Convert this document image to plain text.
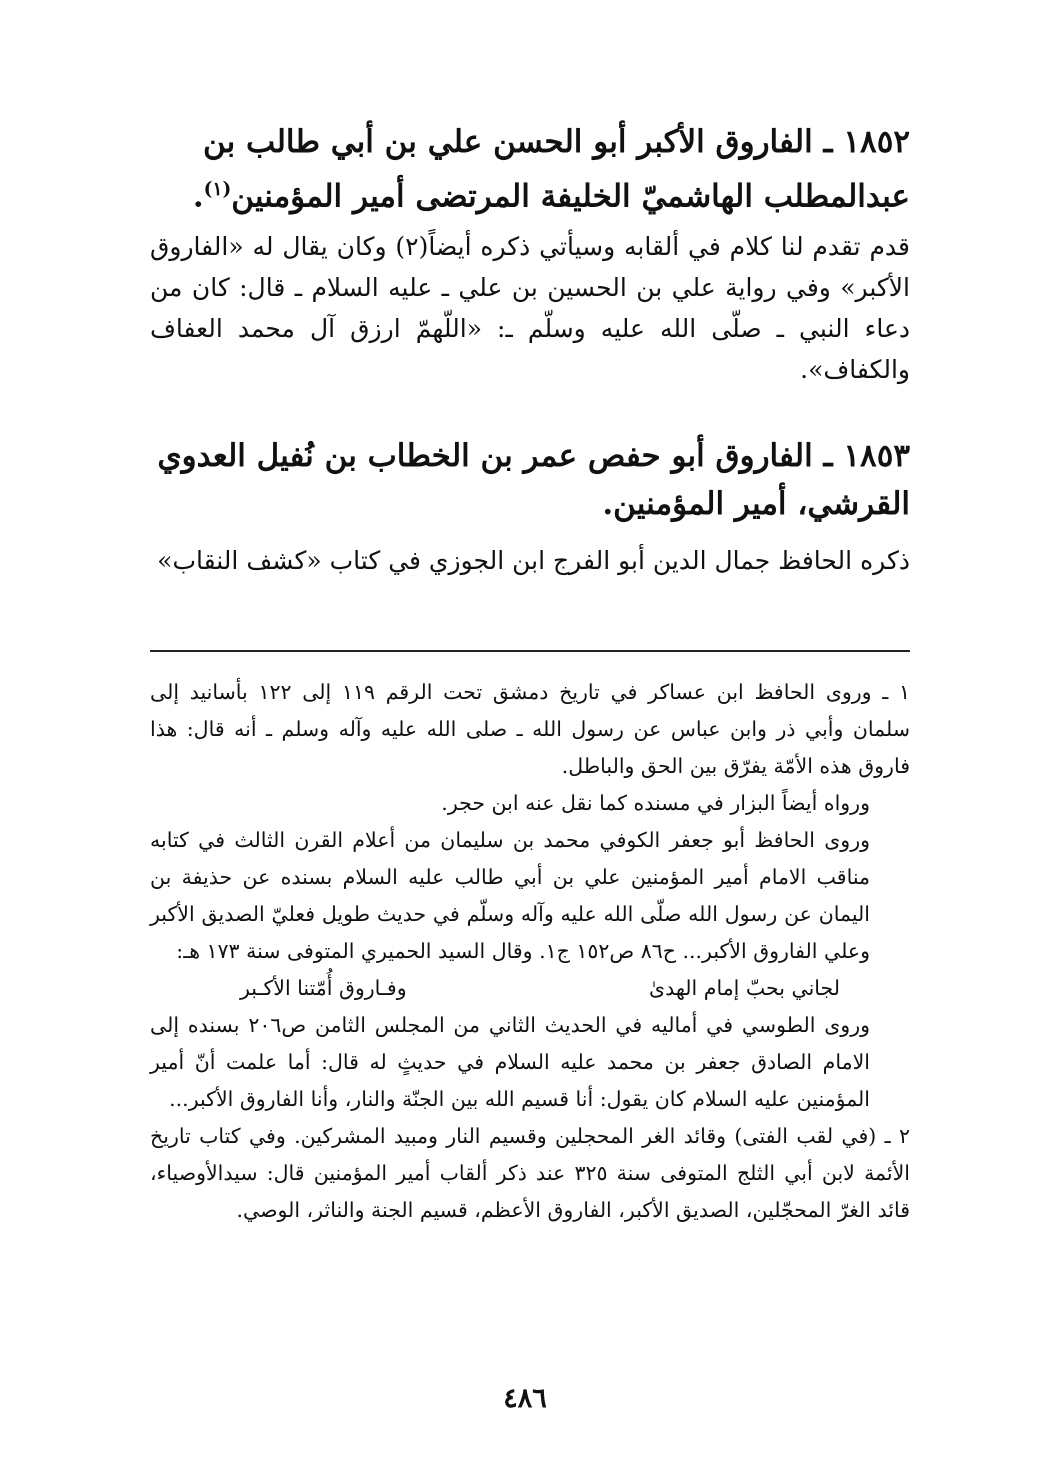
١٨٥٢ ـ الفاروق الأكبر أبو الحسن علي بن أبي طالب بن عبدالمطلب الهاشميّ الخليفة المرتضى أمير المؤمنين$^{(١)}$.
قدم تقدم لنا كلام في ألقابه وسيأتي ذكره أيضاً(٢) وكان يقال له «الفاروق الأكبر» وفي رواية علي بن الحسين بن علي ـ عليه السلام ـ قال: كان من دعاء النبي ـ صلّى الله عليه وسلّم ـ: «اللّهمّ ارزق آل محمد العفاف والكفاف».
١٨٥٣ ـ الفاروق أبو حفص عمر بن الخطاب بن نُفيل العدوي القرشي، أمير المؤمنين.
ذكره الحافظ جمال الدين أبو الفرج ابن الجوزي في كتاب «كشف النقاب»

١ ـ وروى الحافظ ابن عساكر في تاريخ دمشق تحت الرقم ١١٩ إلى ١٢٢ بأسانيد إلى سلمان وأبي ذر وابن عباس عن رسول الله ـ صلى الله عليه وآله وسلم ـ أنه قال: هذا فاروق هذه الأمّة يفرّق بين الحق والباطل.

ورواه أيضاً البزار في مسنده كما نقل عنه ابن حجر.

وروى الحافظ أبو جعفر الكوفي محمد بن سليمان من أعلام القرن الثالث في كتابه مناقب الامام أمير المؤمنين علي بن أبي طالب عليه السلام بسنده عن حذيفة بن اليمان عن رسول الله صلّى الله عليه وآله وسلّم في حديث طويل فعليّ الصديق الأكبر وعلي الفاروق الأكبر... ح٨٦ ص١٥٢ ج١. وقال السيد الحميري المتوفى سنة ١٧٣ هـ:

لجاني بحبّ إمام الهدىٰ
وفـاروق أُمّتنا الأكـبر

وروى الطوسي في أماليه في الحديث الثاني من المجلس الثامن ص٢٠٦ بسنده إلى الامام الصادق جعفر بن محمد عليه السلام في حديثٍ له قال: أما علمت أنّ أمير المؤمنين عليه السلام كان يقول: أنا قسيم الله بين الجنّة والنار، وأنا الفاروق الأكبر...

٢ ـ (في لقب الفتى) وقائد الغر المحجلين وقسيم النار ومبيد المشركين. وفي كتاب تاريخ الأئمة لابن أبي الثلج المتوفى سنة ٣٢٥ عند ذكر ألقاب أمير المؤمنين قال: سيدالأوصياء، قائد الغرّ المحجّلين، الصديق الأكبر، الفاروق الأعظم، قسيم الجنة والناثر، الوصي.

٤٨٦
